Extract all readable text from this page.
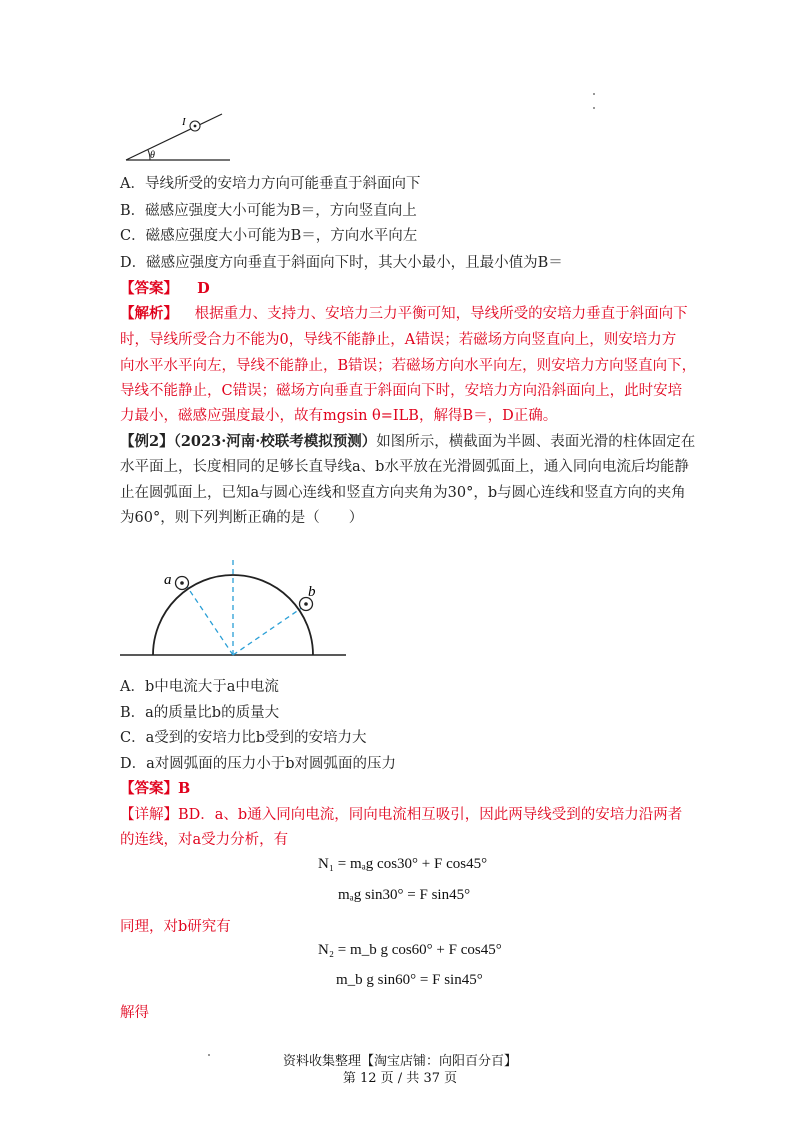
I
θ
A．导线所受的安培力方向可能垂直于斜面向下
B．磁感应强度大小可能为B＝，方向竖直向上
C．磁感应强度大小可能为B＝，方向水平向左
D．磁感应强度方向垂直于斜面向下时，其大小最小，且最小值为B＝
【答案】 D
【解析】 根据重力、支持力、安培力三力平衡可知，导线所受的安培力垂直于斜面向下
时，导线所受合力不能为0，导线不能静止，A错误；若磁场方向竖直向上，则安培力方
向水平水平向左，导线不能静止，B错误；若磁场方向水平向左，则安培力方向竖直向下，
导线不能静止，C错误；磁场方向垂直于斜面向下时，安培力方向沿斜面向上，此时安培
力最小，磁感应强度最小，故有mgsin θ=ILB，解得B＝，D正确。
【例2】（2023·河南·校联考模拟预测）如图所示，横截面为半圆、表面光滑的柱体固定在
水平面上，长度相同的足够长直导线a、b水平放在光滑圆弧面上，通入同向电流后均能静
止在圆弧面上，已知a与圆心连线和竖直方向夹角为30°，b与圆心连线和竖直方向的夹角
为60°，则下列判断正确的是（　　）
a
b
A．b中电流大于a中电流
B．a的质量比b的质量大
C．a受到的安培力比b受到的安培力大
D．a对圆弧面的压力小于b对圆弧面的压力
【答案】B
【详解】BD．a、b通入同向电流，同向电流相互吸引，因此两导线受到的安培力沿两者
的连线，对a受力分析，有
N₁ = mₐg cos30° + F cos45°
mₐg sin30° = F sin45°
同理，对b研究有
N₂ = m_b g cos60° + F cos45°
m_b g sin60° = F sin45°
解得
资料收集整理【淘宝店铺：向阳百分百】
第 12 页 / 共 37 页
